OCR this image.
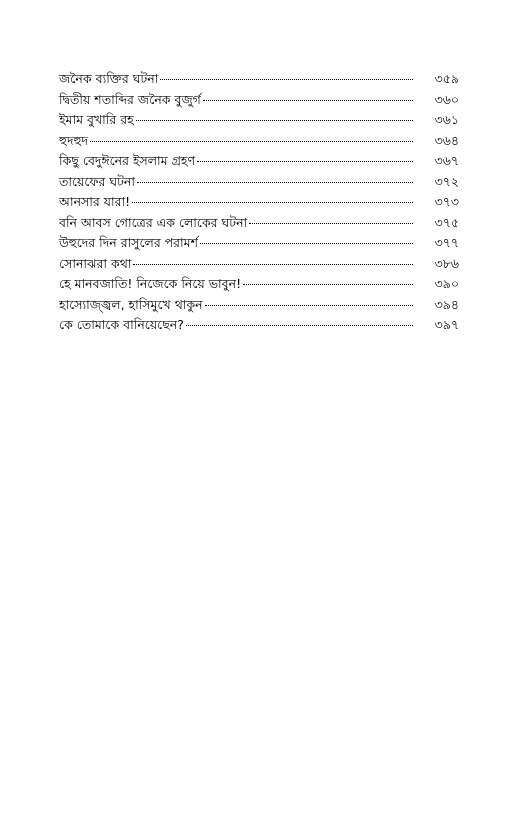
জনৈক ব্যক্তির ঘটনা	৩৫৯
দ্বিতীয় শতাব্দির জনৈক বুজুর্গ	৩৬০
ইমাম বুখারি রহ	৩৬১
হুদহুদ	৩৬৪
কিছু বেদুঈনের ইসলাম গ্রহণ	৩৬৭
তায়েফের ঘটনা	৩৭২
আনসার যারা!	৩৭৩
বনি আবস গোত্রের এক লোকের ঘটনা	৩৭৫
উহুদের দিন রাসুলের পরামর্শ	৩৭৭
সোনাঝরা কথা	৩৮৬
হে মানবজাতি! নিজেকে নিয়ে ভাবুন!	৩৯০
হাস্যোজ্জ্বল, হাসিমুখে থাকুন	৩৯৪
কে তোমাকে বানিয়েছেন?	৩৯৭
